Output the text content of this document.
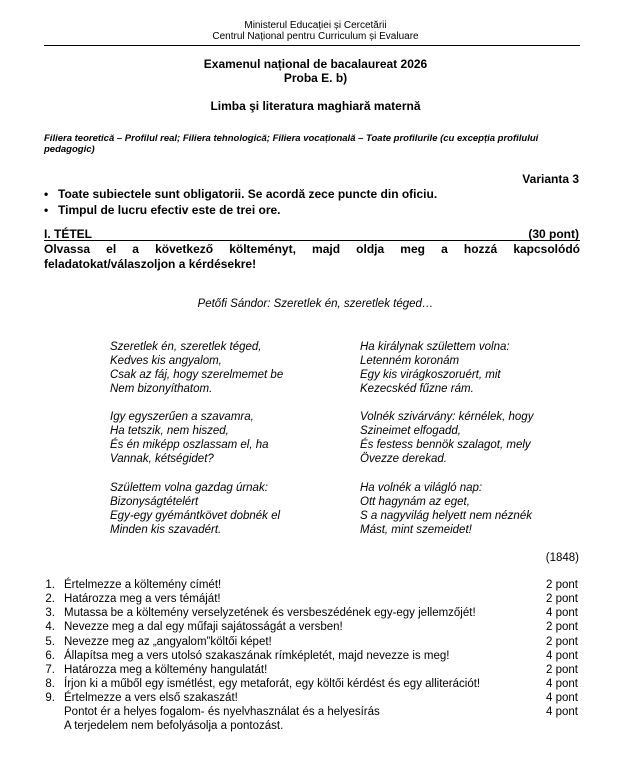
Ministerul Educației și Cercetării
Centrul Național pentru Curriculum și Evaluare
Examenul național de bacalaureat 2026
Proba E. b)
Limba şi literatura maghiară maternă
Filiera teoretică – Profilul real; Filiera tehnologică; Filiera vocațională – Toate profilurile (cu excepția profilului pedagogic)
Varianta 3
• Toate subiectele sunt obligatorii. Se acordă zece puncte din oficiu.
• Timpul de lucru efectiv este de trei ore.
I. TÉTEL	(30 pont)
Olvassa el a következő költeményt, majd oldja meg a hozzá kapcsolódó feladatokat/válaszoljon a kérdésekre!
Petőfi Sándor: Szeretlek én, szeretlek téged…
Szeretlek én, szeretlek téged,
Kedves kis angyalom,
Csak az fáj, hogy szerelmemet be
Nem bizonyíthatom.
Igy egyszerűen a szavamra,
Ha tetszik, nem hiszed,
És én miképp oszlassam el, ha
Vannak, kétségidet?
Születtem volna gazdag úrnak:
Bizonyságtételért
Egy-egy gyémántkövet dobnék el
Minden kis szavadért.
Ha királynak születtem volna:
Letenném koronám
Egy kis virágkoszoruért, mit
Kezecskéd fűzne rám.
Volnék szivárvány: kérnélek, hogy
Szineimet elfogadd,
És festess bennök szalagot, mely
Övezze derekad.
Ha volnék a világló nap:
Ott hagynám az eget,
S a nagyvilág helyett nem néznék
Mást, mint szemeidet!
(1848)
1. Értelmezze a költemény címét!	2 pont
2. Határozza meg a vers témáját!	2 pont
3. Mutassa be a költemény verselyzetének és versbeszédének egy-egy jellemzőjét!	4 pont
4. Nevezze meg a dal egy műfaji sajátosságát a versben!	2 pont
5. Nevezze meg az „angyalom”költői képet!	2 pont
6. Állapítsa meg a vers utolsó szakaszának rímképletét, majd nevezze is meg!	4 pont
7. Határozza meg a költemény hangulatát!	2 pont
8. Írjon ki a műből egy ismétlést, egy metaforát, egy költői kérdést és egy alliterációt!	4 pont
9. Értelmezze a vers első szakaszát!	4 pont
Pontot ér a helyes fogalom- és nyelvhasználat és a helyesírás	4 pont
A terjedelem nem befolyásolja a pontozást.
